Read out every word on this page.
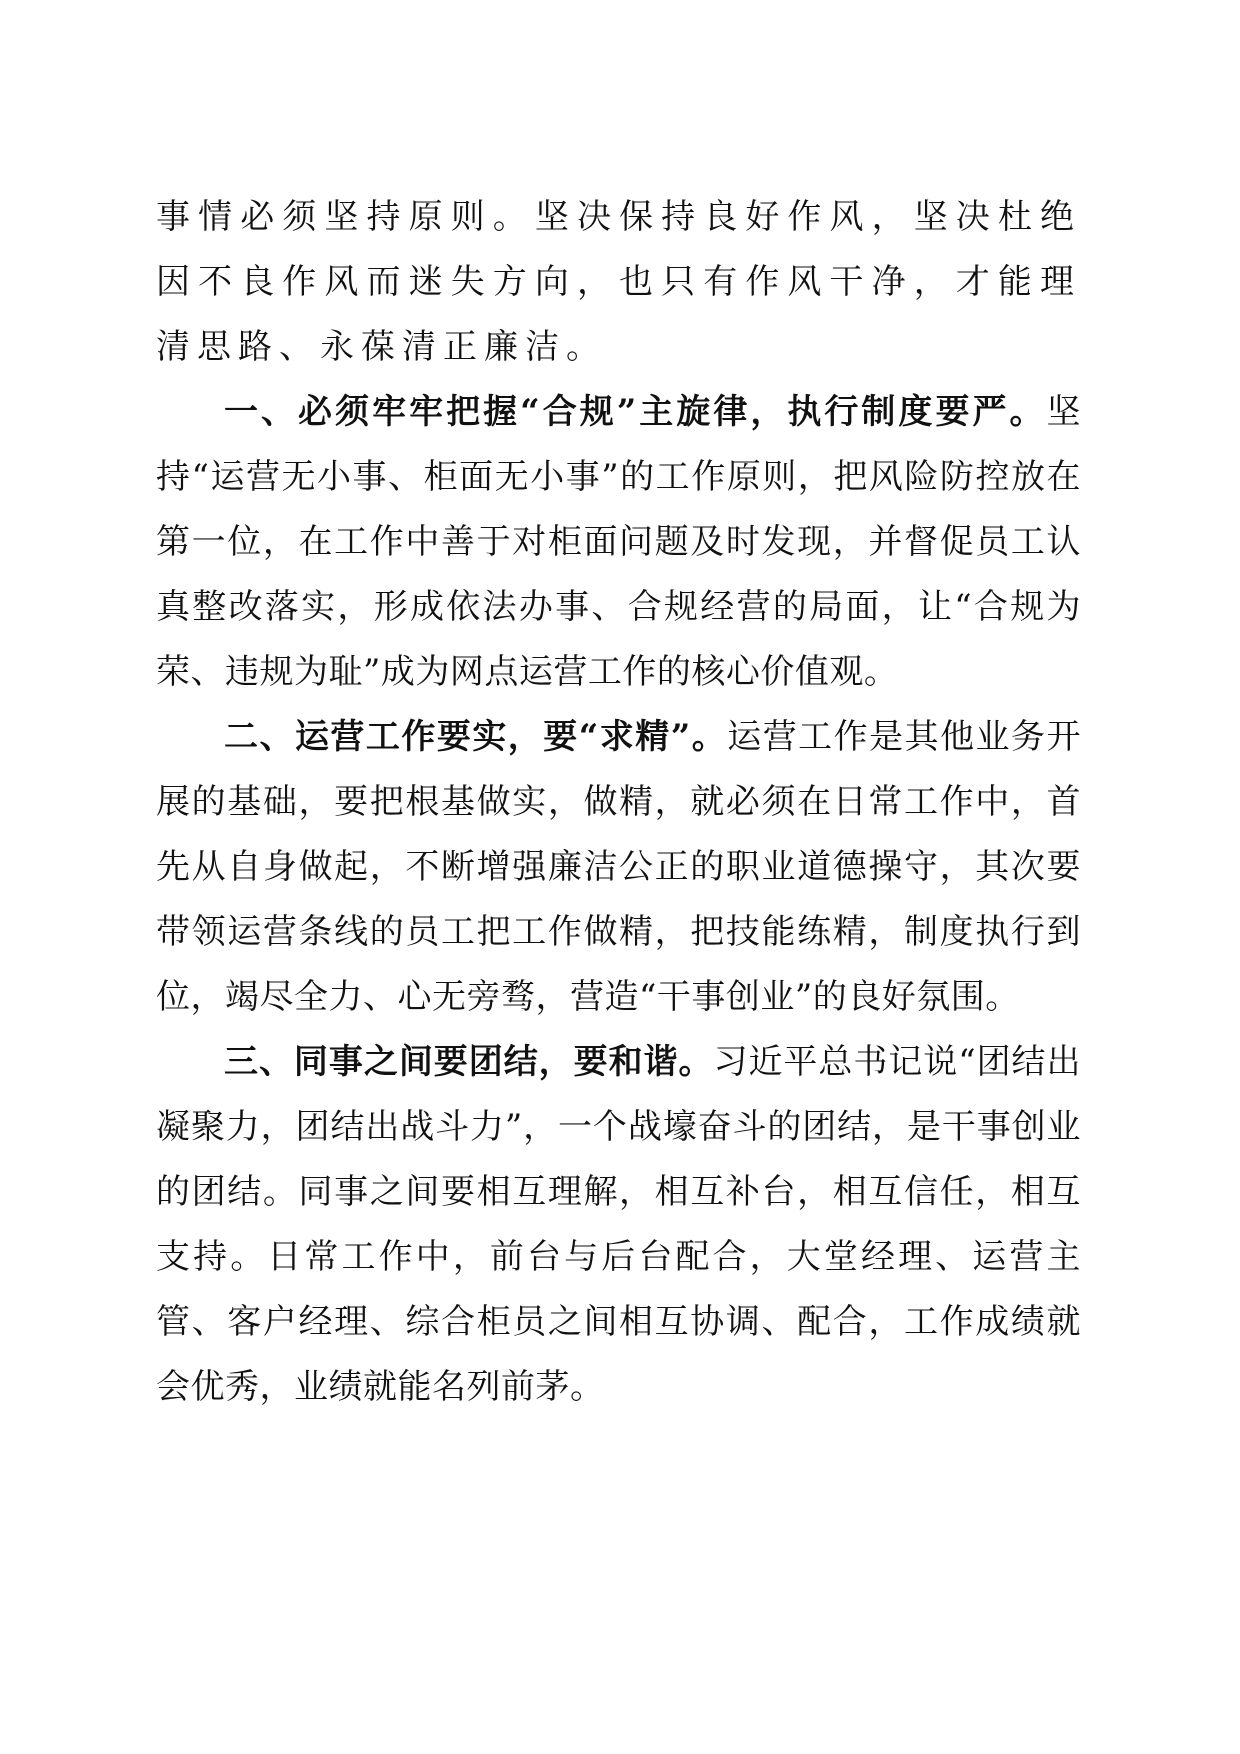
事情必须坚持原则。坚决保持良好作风，坚决杜绝因不良作风而迷失方向，也只有作风干净，才能理清思路、永葆清正廉洁。

一、必须牢牢把握“合规”主旋律，执行制度要严。坚持“运营无小事、柜面无小事”的工作原则，把风险防控放在第一位，在工作中善于对柜面问题及时发现，并督促员工认真整改落实，形成依法办事、合规经营的局面，让“合规为荣、违规为耻”成为网点运营工作的核心价值观。

二、运营工作要实，要“求精”。运营工作是其他业务开展的基础，要把根基做实，做精，就必须在日常工作中，首先从自身做起，不断增强廉洁公正的职业道德操守，其次要带领运营条线的员工把工作做精，把技能练精，制度执行到位，竭尽全力、心无旁骛，营造“干事创业”的良好氛围。

三、同事之间要团结，要和谐。习近平总书记说“团结出凝聚力，团结出战斗力”，一个战壕奋斗的团结，是干事创业的团结。同事之间要相互理解，相互补台，相互信任，相互支持。日常工作中，前台与后台配合，大堂经理、运营主管、客户经理、综合柜员之间相互协调、配合，工作成绩就会优秀，业绩就能名列前茅。
